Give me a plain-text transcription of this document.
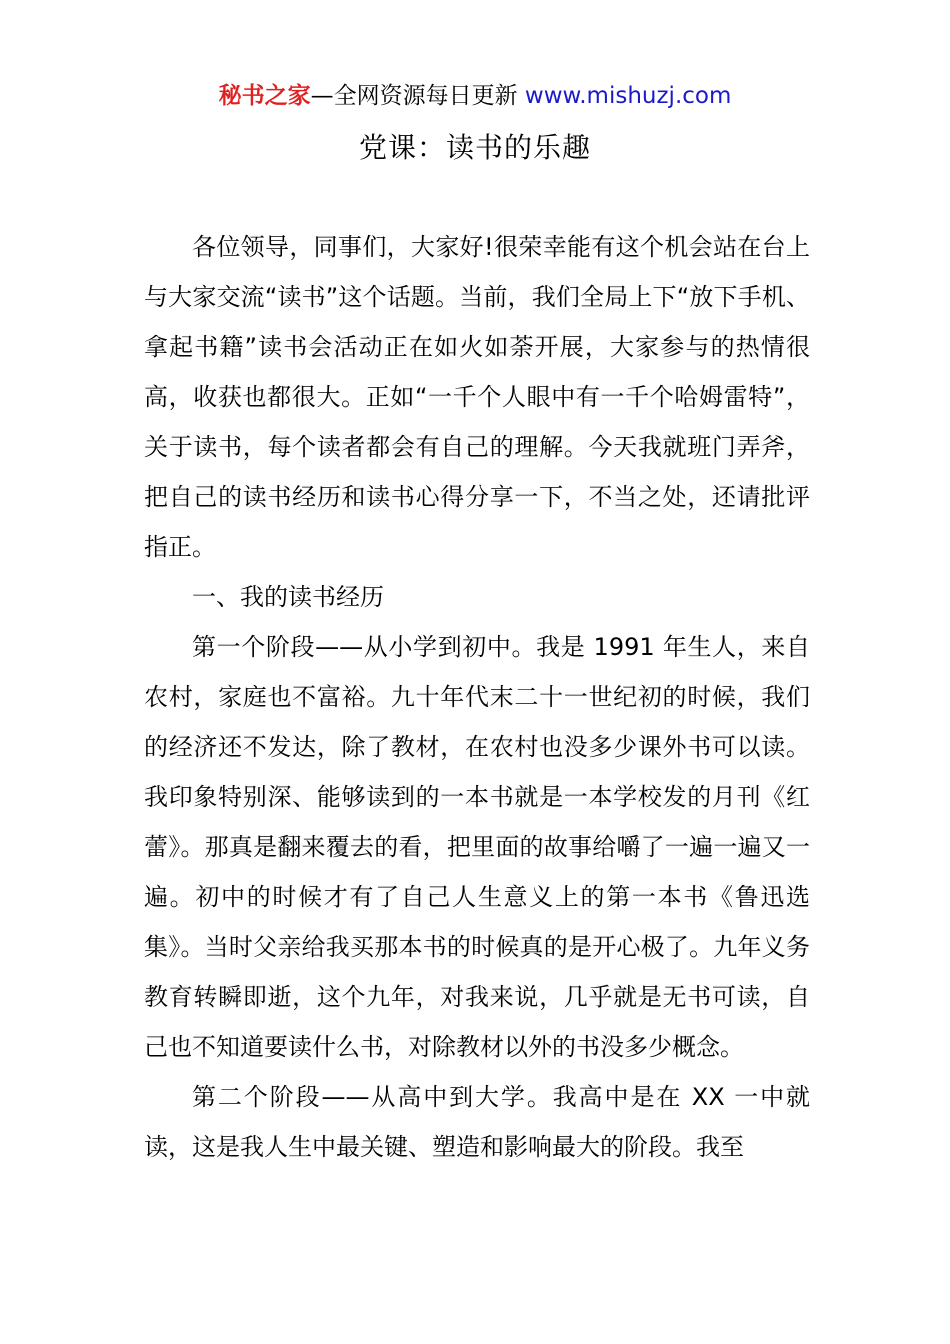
秘书之家—全网资源每日更新 www.mishuzj.com
党课：读书的乐趣

各位领导，同事们，大家好!很荣幸能有这个机会站在台上与大家交流“读书”这个话题。当前，我们全局上下“放下手机、拿起书籍”读书会活动正在如火如荼开展，大家参与的热情很高，收获也都很大。正如“一千个人眼中有一千个哈姆雷特”，关于读书，每个读者都会有自己的理解。今天我就班门弄斧，把自己的读书经历和读书心得分享一下，不当之处，还请批评指正。

一、我的读书经历

第一个阶段——从小学到初中。我是 1991 年生人，来自农村，家庭也不富裕。九十年代末二十一世纪初的时候，我们的经济还不发达，除了教材，在农村也没多少课外书可以读。我印象特别深、能够读到的一本书就是一本学校发的月刊《红蕾》。那真是翻来覆去的看，把里面的故事给嚼了一遍一遍又一遍。初中的时候才有了自己人生意义上的第一本书《鲁迅选集》。当时父亲给我买那本书的时候真的是开心极了。九年义务教育转瞬即逝，这个九年，对我来说，几乎就是无书可读，自己也不知道要读什么书，对除教材以外的书没多少概念。

第二个阶段——从高中到大学。我高中是在 XX 一中就读，这是我人生中最关键、塑造和影响最大的阶段。我至
